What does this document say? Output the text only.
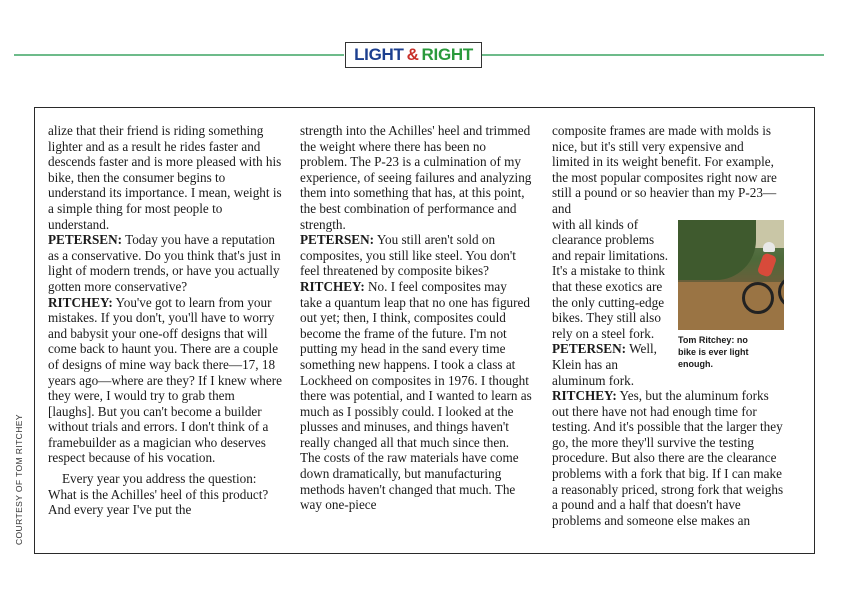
LIGHT & RIGHT
COURTESY OF TOM RITCHEY

alize that their friend is riding something lighter and as a result he rides faster and descends faster and is more pleased with his bike, then the consumer begins to understand its importance. I mean, weight is a simple thing for most people to understand.

PETERSEN: Today you have a reputation as a conservative. Do you think that's just in light of modern trends, or have you actually gotten more conservative?

RITCHEY: You've got to learn from your mistakes. If you don't, you'll have to worry and babysit your one-off designs that will come back to haunt you. There are a couple of designs of mine way back there—17, 18 years ago—where are they? If I knew where they were, I would try to grab them [laughs]. But you can't become a builder without trials and errors. I don't think of a framebuilder as a magician who deserves respect because of his vocation.

Every year you address the question: What is the Achilles' heel of this product? And every year I've put the

strength into the Achilles' heel and trimmed the weight where there has been no problem. The P-23 is a culmination of my experience, of seeing failures and analyzing them into something that has, at this point, the best combination of performance and strength.

PETERSEN: You still aren't sold on composites, you still like steel. You don't feel threatened by composite bikes?

RITCHEY: No. I feel composites may take a quantum leap that no one has figured out yet; then, I think, composites could become the frame of the future. I'm not putting my head in the sand every time something new happens. I took a class at Lockheed on composites in 1976. I thought there was potential, and I wanted to learn as much as I possibly could. I looked at the plusses and minuses, and things haven't really changed all that much since then. The costs of the raw materials have come down dramatically, but manufacturing methods haven't changed that much. The way one-piece

composite frames are made with molds is nice, but it's still very expensive and limited in its weight benefit. For example, the most popular composites right now are still a pound or so heavier than my P-23—and

with all kinds of clearance problems and repair limitations. It's a mistake to think that these exotics are the only cutting-edge bikes. They still also rely on a steel fork.

PETERSEN: Well, Klein has an aluminum fork.

Tom Ritchey: no bike is ever light enough.

RITCHEY: Yes, but the aluminum forks out there have not had enough time for testing. And it's possible that the larger they go, the more they'll survive the testing procedure. But also there are the clearance problems with a fork that big. If I can make a reasonably priced, strong fork that weighs a pound and a half that doesn't have problems and someone else makes an
